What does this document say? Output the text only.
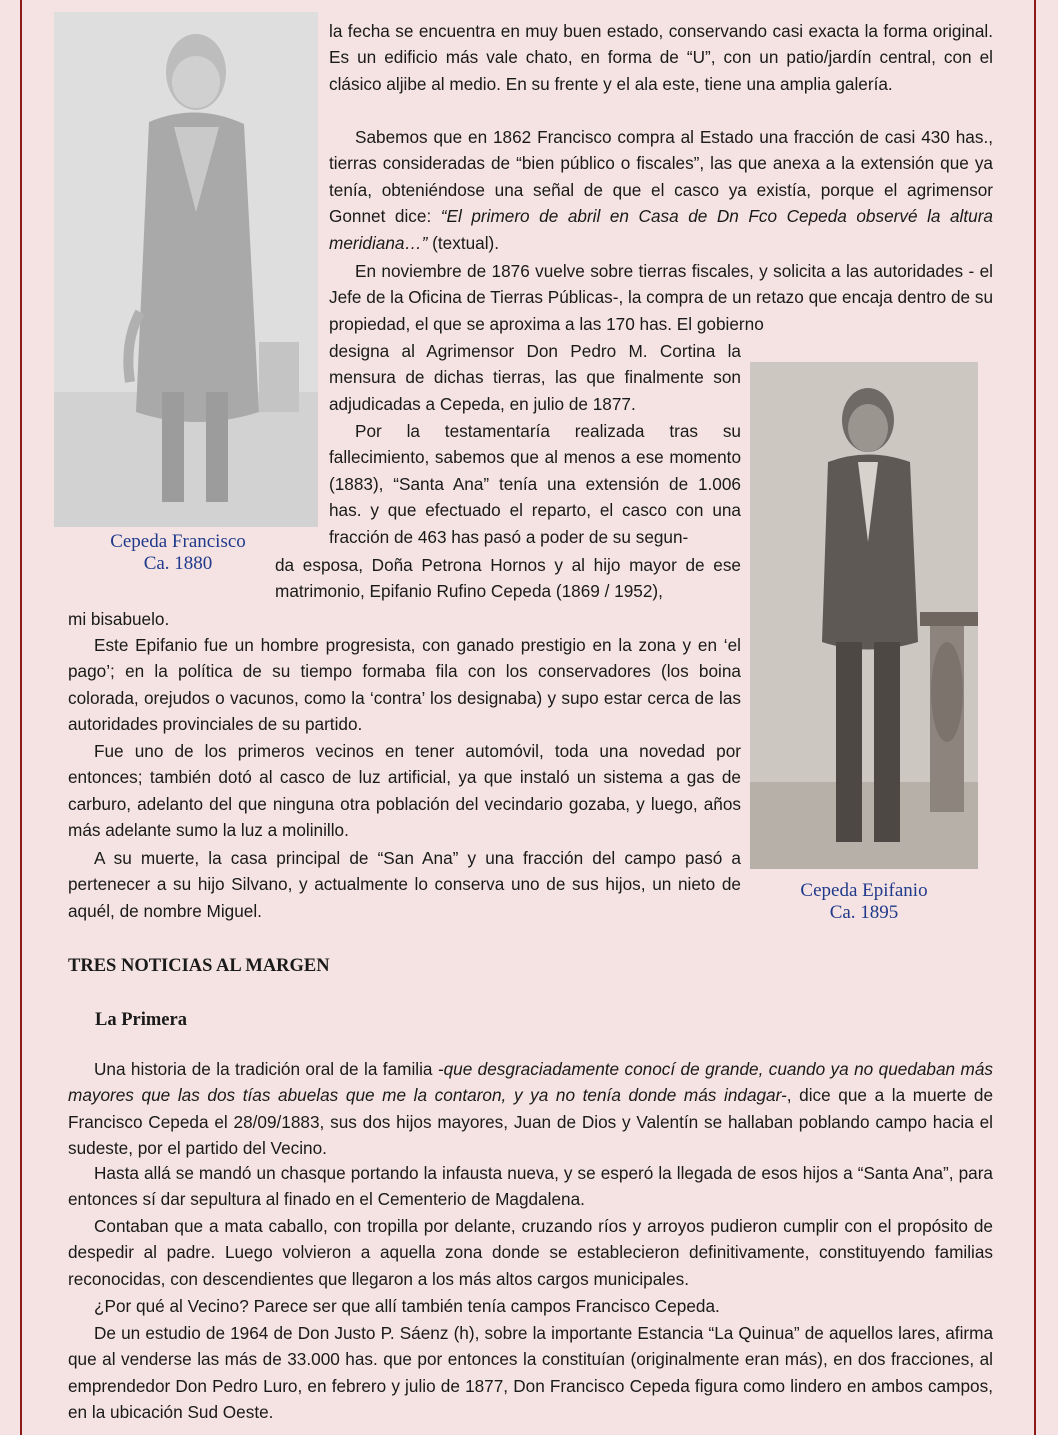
Cepeda Francisco
Ca. 1880
Cepeda Epifanio
Ca. 1895

la fecha se encuentra en muy buen estado, conservando casi exacta la forma original. Es un edificio más vale chato, en forma de “U”, con un patio/jardín central, con el clásico aljibe al medio. En su frente y el ala este, tiene una amplia galería.

Sabemos que en 1862 Francisco compra al Estado una fracción de casi 430 has., tierras consideradas de “bien público o fiscales”, las que anexa a la extensión que ya tenía, obteniéndose una señal de que el casco ya existía, porque el agrimensor Gonnet dice: “El primero de abril en Casa de Dn Fco Cepeda observé la altura meridiana…” (textual).

En noviembre de 1876 vuelve sobre tierras fiscales, y solicita a las autoridades - el Jefe de la Oficina de Tierras Públicas-, la compra de un retazo que encaja dentro de su propiedad, el que se aproxima a las 170 has. El gobierno

designa al Agrimensor Don Pedro M. Cortina la mensura de dichas tierras, las que finalmente son adjudicadas a Cepeda, en julio de 1877.

Por la testamentaría realizada tras su fallecimiento, sabemos que al menos a ese momento (1883), “Santa Ana” tenía una extensión de 1.006 has. y que efectuado el reparto, el casco con una fracción de 463 has pasó a poder de su segun-

da esposa, Doña Petrona Hornos y al hijo mayor de ese matrimonio, Epifanio Rufino Cepeda (1869 / 1952),

mi bisabuelo.

Este Epifanio fue un hombre progresista, con ganado prestigio en la zona y en ‘el pago’; en la política de su tiempo formaba fila con los conservadores (los boina colorada, orejudos o vacunos, como la ‘contra’ los designaba) y supo estar cerca de las autoridades provinciales de su partido.

Fue uno de los primeros vecinos en tener automóvil, toda una novedad por entonces; también dotó al casco de luz artificial, ya que instaló un sistema a gas de carburo, adelanto del que ninguna otra población del vecindario gozaba, y luego, años más adelante sumo la luz a molinillo.

A su muerte, la casa principal de “San Ana” y una fracción del campo pasó a pertenecer a su hijo Silvano, y actualmente lo conserva uno de sus hijos, un nieto de aquél, de nombre Miguel.

TRES NOTICIAS AL MARGEN
La Primera

Una historia de la tradición oral de la familia -que desgraciadamente conocí de grande, cuando ya no quedaban más mayores que las dos tías abuelas que me la contaron, y ya no tenía donde más indagar-, dice que a la muerte de Francisco Cepeda el 28/09/1883, sus dos hijos mayores, Juan de Dios y Valentín se hallaban poblando campo hacia el sudeste, por el partido del Vecino.

Hasta allá se mandó un chasque portando la infausta nueva, y se esperó la llegada de esos hijos a “Santa Ana”, para entonces sí dar sepultura al finado en el Cementerio de Magdalena.

Contaban que a mata caballo, con tropilla por delante, cruzando ríos y arroyos pudieron cumplir con el propósito de despedir al padre. Luego volvieron a aquella zona donde se establecieron definitivamente, constituyendo familias reconocidas, con descendientes que llegaron a los más altos cargos municipales.

¿Por qué al Vecino? Parece ser que allí también tenía campos Francisco Cepeda.

De un estudio de 1964 de Don Justo P. Sáenz (h), sobre la importante Estancia “La Quinua” de aquellos lares, afirma que al venderse las más de 33.000 has. que por entonces la constituían (originalmente eran más), en dos fracciones, al emprendedor Don Pedro Luro, en febrero y julio de 1877, Don Francisco Cepeda figura como lindero en ambos campos, en la ubicación Sud Oeste.
